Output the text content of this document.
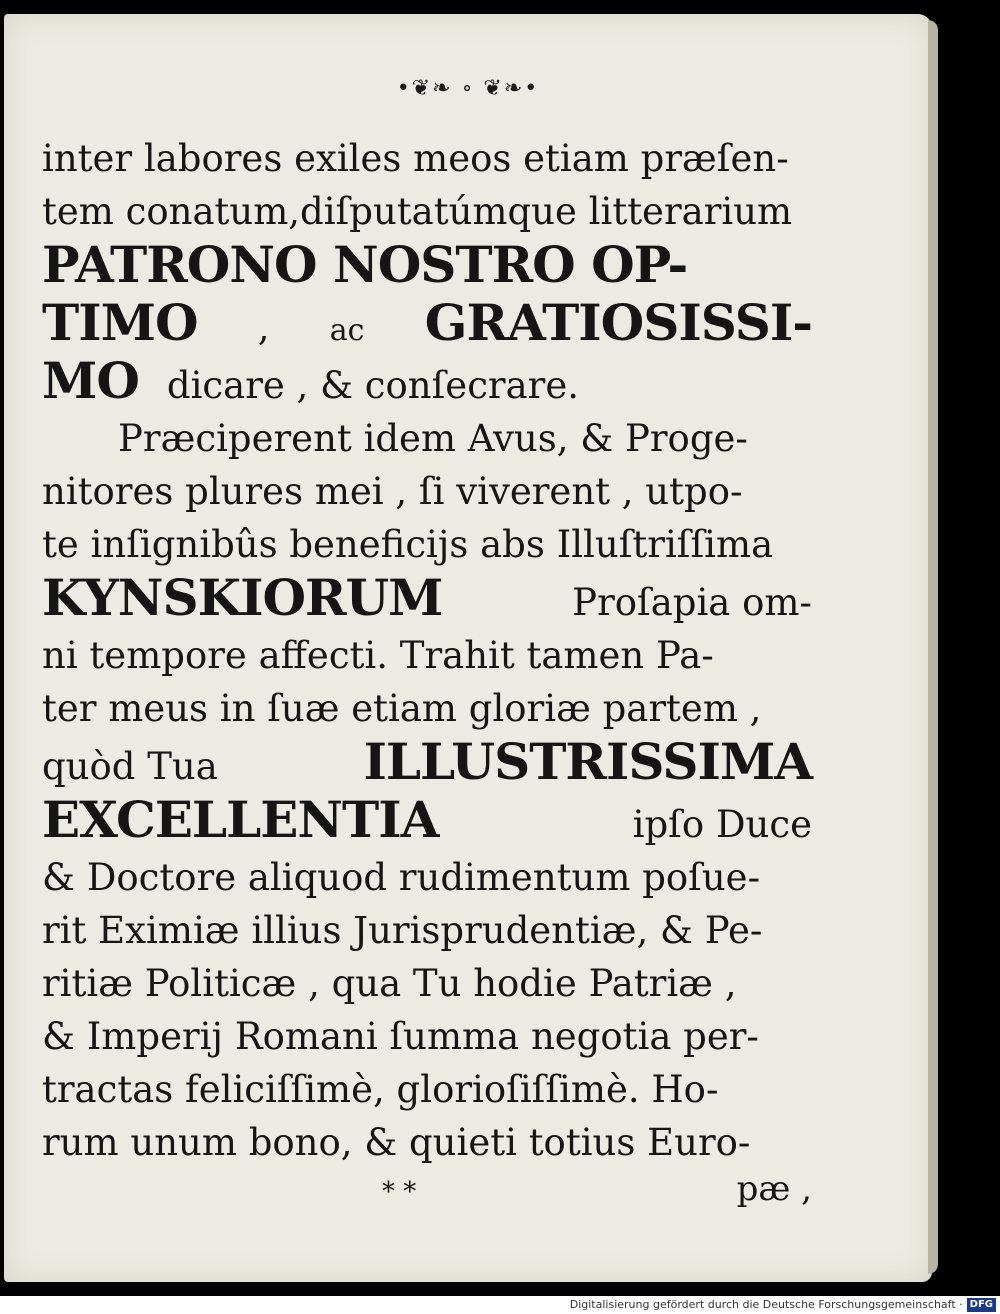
•❦❧ ∘ ❦❧•
inter labores exiles meos etiam præſen-
tem conatum,diſputatúmque litterarium
PATRONO NOSTRO OP-
TIMO , ac GRATIOSISSI-
MO dicare , & conſecrare.
Præciperent idem Avus, & Proge-
nitores plures mei , ſi viverent , utpo-
te inſignibûs beneficijs abs Illuſtriſſima
KYNSKIORUM	Proſapia om-
ni tempore affecti. Trahit tamen Pa-
ter meus in ſuæ etiam gloriæ partem ,
quòd Tua	ILLUSTRISSIMA
EXCELLENTIA	ipſo Duce
& Doctore aliquod rudimentum poſue-
rit Eximiæ illius Jurisprudentiæ, & Pe-
ritiæ Politicæ , qua Tu hodie Patriæ ,
& Imperij Romani ſumma negotia per-
tractas feliciſſimè, glorioſiſſimè. Ho-
rum unum bono, & quieti totius Euro-
* *	pæ ,
Digitalisierung gefördert durch die Deutsche Forschungsgemeinschaft · DFG
